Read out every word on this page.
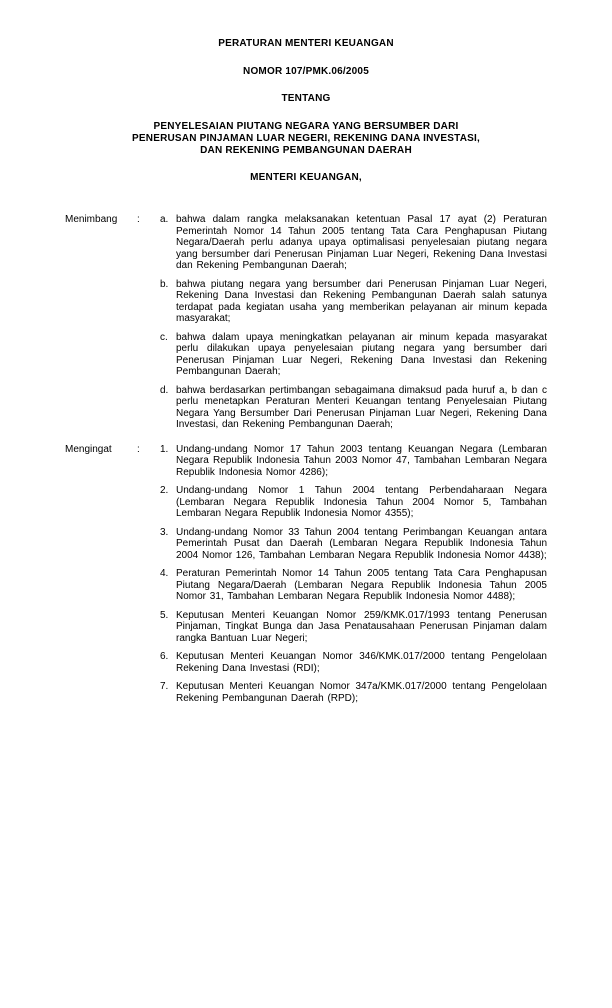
PERATURAN MENTERI KEUANGAN
NOMOR 107/PMK.06/2005
TENTANG
PENYELESAIAN PIUTANG NEGARA YANG BERSUMBER DARI
PENERUSAN PINJAMAN LUAR NEGERI, REKENING DANA INVESTASI,
DAN REKENING PEMBANGUNAN DAERAH
MENTERI KEUANGAN,
Menimbang	:	a. bahwa dalam rangka melaksanakan ketentuan Pasal 17 ayat (2) Peraturan Pemerintah Nomor 14 Tahun 2005 tentang Tata Cara Penghapusan Piutang Negara/Daerah perlu adanya upaya optimalisasi penyelesaian piutang negara yang bersumber dari Penerusan Pinjaman Luar Negeri, Rekening Dana Investasi dan Rekening Pembangunan Daerah;
b. bahwa piutang negara yang bersumber dari Penerusan Pinjaman Luar Negeri, Rekening Dana Investasi dan Rekening Pembangunan Daerah salah satunya terdapat pada kegiatan usaha yang memberikan pelayanan air minum kepada masyarakat;
c. bahwa dalam upaya meningkatkan pelayanan air minum kepada masyarakat perlu dilakukan upaya penyelesaian piutang negara yang bersumber dari Penerusan Pinjaman Luar Negeri, Rekening Dana Investasi dan Rekening Pembangunan Daerah;
d. bahwa berdasarkan pertimbangan sebagaimana dimaksud pada huruf a, b dan c perlu menetapkan Peraturan Menteri Keuangan tentang Penyelesaian Piutang Negara Yang Bersumber Dari Penerusan Pinjaman Luar Negeri, Rekening Dana Investasi, dan Rekening Pembangunan Daerah;
Mengingat	:	1. Undang-undang Nomor 17 Tahun 2003 tentang Keuangan Negara (Lembaran Negara Republik Indonesia Tahun 2003 Nomor 47, Tambahan Lembaran Negara Republik Indonesia Nomor 4286);
2. Undang-undang Nomor 1 Tahun 2004 tentang Perbendaharaan Negara (Lembaran Negara Republik Indonesia Tahun 2004 Nomor 5, Tambahan Lembaran Negara Republik Indonesia Nomor 4355);
3. Undang-undang Nomor 33 Tahun 2004 tentang Perimbangan Keuangan antara Pemerintah Pusat dan Daerah (Lembaran Negara Republik Indonesia Tahun 2004 Nomor 126, Tambahan Lembaran Negara Republik Indonesia Nomor 4438);
4. Peraturan Pemerintah Nomor 14 Tahun 2005 tentang Tata Cara Penghapusan Piutang Negara/Daerah (Lembaran Negara Republik Indonesia Tahun 2005 Nomor 31, Tambahan Lembaran Negara Republik Indonesia Nomor 4488);
5. Keputusan Menteri Keuangan Nomor 259/KMK.017/1993 tentang Penerusan Pinjaman, Tingkat Bunga dan Jasa Penatausahaan Penerusan Pinjaman dalam rangka Bantuan Luar Negeri;
6. Keputusan Menteri Keuangan Nomor 346/KMK.017/2000 tentang Pengelolaan Rekening Dana Investasi (RDI);
7. Keputusan Menteri Keuangan Nomor 347a/KMK.017/2000 tentang Pengelolaan Rekening Pembangunan Daerah (RPD);
